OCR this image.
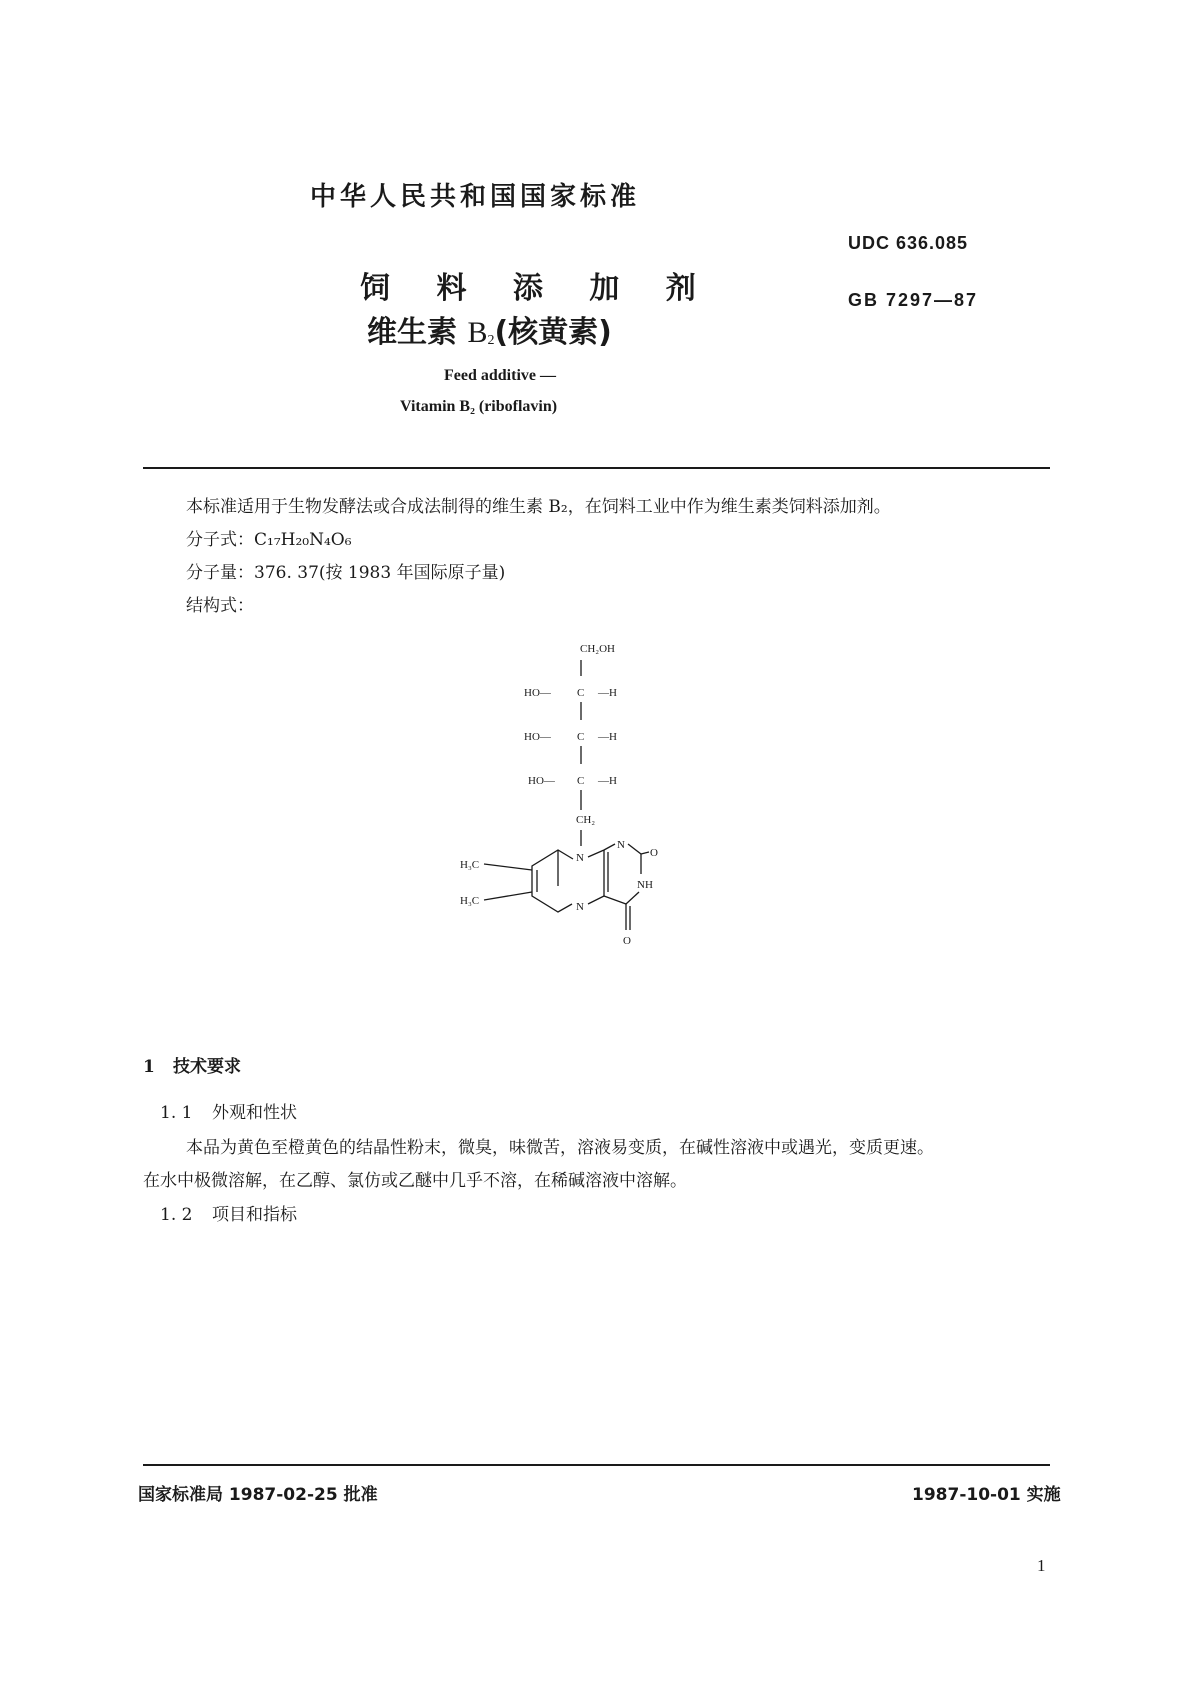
中华人民共和国国家标准
UDC 636.085
GB 7297—87
饲 料 添 加 剂
维生素 B2(核黄素)
Feed additive —
Vitamin B₂ (riboflavin)
本标准适用于生物发酵法或合成法制得的维生素 B₂，在饲料工业中作为维生素类饲料添加剂。
分子式：C₁₇H₂₀N₄O₆
分子量：376. 37(按 1983 年国际原子量)
结构式：
CH₂OH
HO— C —H
HO— C —H
HO— C —H
CH₂
N
N
N
O
NH
O
H₃C
H₃C
1 技术要求
1. 1 外观和性状
本品为黄色至橙黄色的结晶性粉末，微臭，味微苦，溶液易变质，在碱性溶液中或遇光，变质更速。
在水中极微溶解，在乙醇、氯仿或乙醚中几乎不溶，在稀碱溶液中溶解。
1. 2 项目和指标
国家标准局 1987-02-25 批准	1987-10-01 实施
1
